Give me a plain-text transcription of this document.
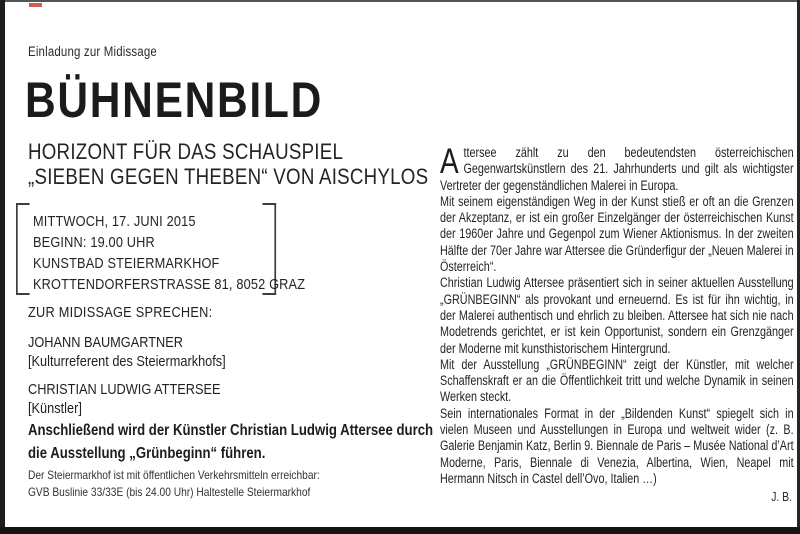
Einladung zur Midissage
BÜHNENBILD
HORIZONT FÜR DAS SCHAUSPIEL
„SIEBEN GEGEN THEBEN“ VON AISCHYLOS
MITTWOCH, 17. JUNI 2015
BEGINN: 19.00 UHR
KUNSTBAD STEIERMARKHOF
KROTTENDORFERSTRASSE 81, 8052 GRAZ
ZUR MIDISSAGE SPRECHEN:
JOHANN BAUMGARTNER
[Kulturreferent des Steiermarkhofs]
CHRISTIAN LUDWIG ATTERSEE
[Künstler]
Anschließend wird der Künstler Christian Ludwig Attersee durch die Ausstellung „Grünbeginn“ führen.
Der Steiermarkhof ist mit öffentlichen Verkehrsmitteln erreichbar:
GVB Buslinie 33/33E (bis 24.00 Uhr) Haltestelle Steiermarkhof

Attersee zählt zu den bedeutendsten österreichischen Gegenwartskünstlern des 21. Jahrhunderts und gilt als wichtigster Vertreter der gegenständlichen Malerei in Europa.

Mit seinem eigenständigen Weg in der Kunst stieß er oft an die Grenzen der Akzeptanz, er ist ein großer Einzelgänger der österreichischen Kunst der 1960er Jahre und Gegenpol zum Wiener Aktionismus. In der zweiten Hälfte der 70er Jahre war Attersee die Gründerfigur der „Neuen Malerei in Österreich“.

Christian Ludwig Attersee präsentiert sich in seiner aktuellen Ausstellung „GRÜNBEGINN“ als provokant und erneuernd. Es ist für ihn wichtig, in der Malerei authentisch und ehrlich zu bleiben. Attersee hat sich nie nach Modetrends gerichtet, er ist kein Opportunist, sondern ein Grenzgänger der Moderne mit kunsthistorischem Hintergrund.

Mit der Ausstellung „GRÜNBEGINN“ zeigt der Künstler, mit welcher Schaffenskraft er an die Öffentlichkeit tritt und welche Dynamik in seinen Werken steckt.

Sein internationales Format in der „Bildenden Kunst“ spiegelt sich in vielen Museen und Ausstellungen in Europa und weltweit wider (z. B. Galerie Benjamin Katz, Berlin 9. Biennale de Paris – Musée National d’Art Moderne, Paris, Biennale di Venezia, Albertina, Wien, Neapel mit Hermann Nitsch in Castel dell’Ovo, Italien …)

J. B.
